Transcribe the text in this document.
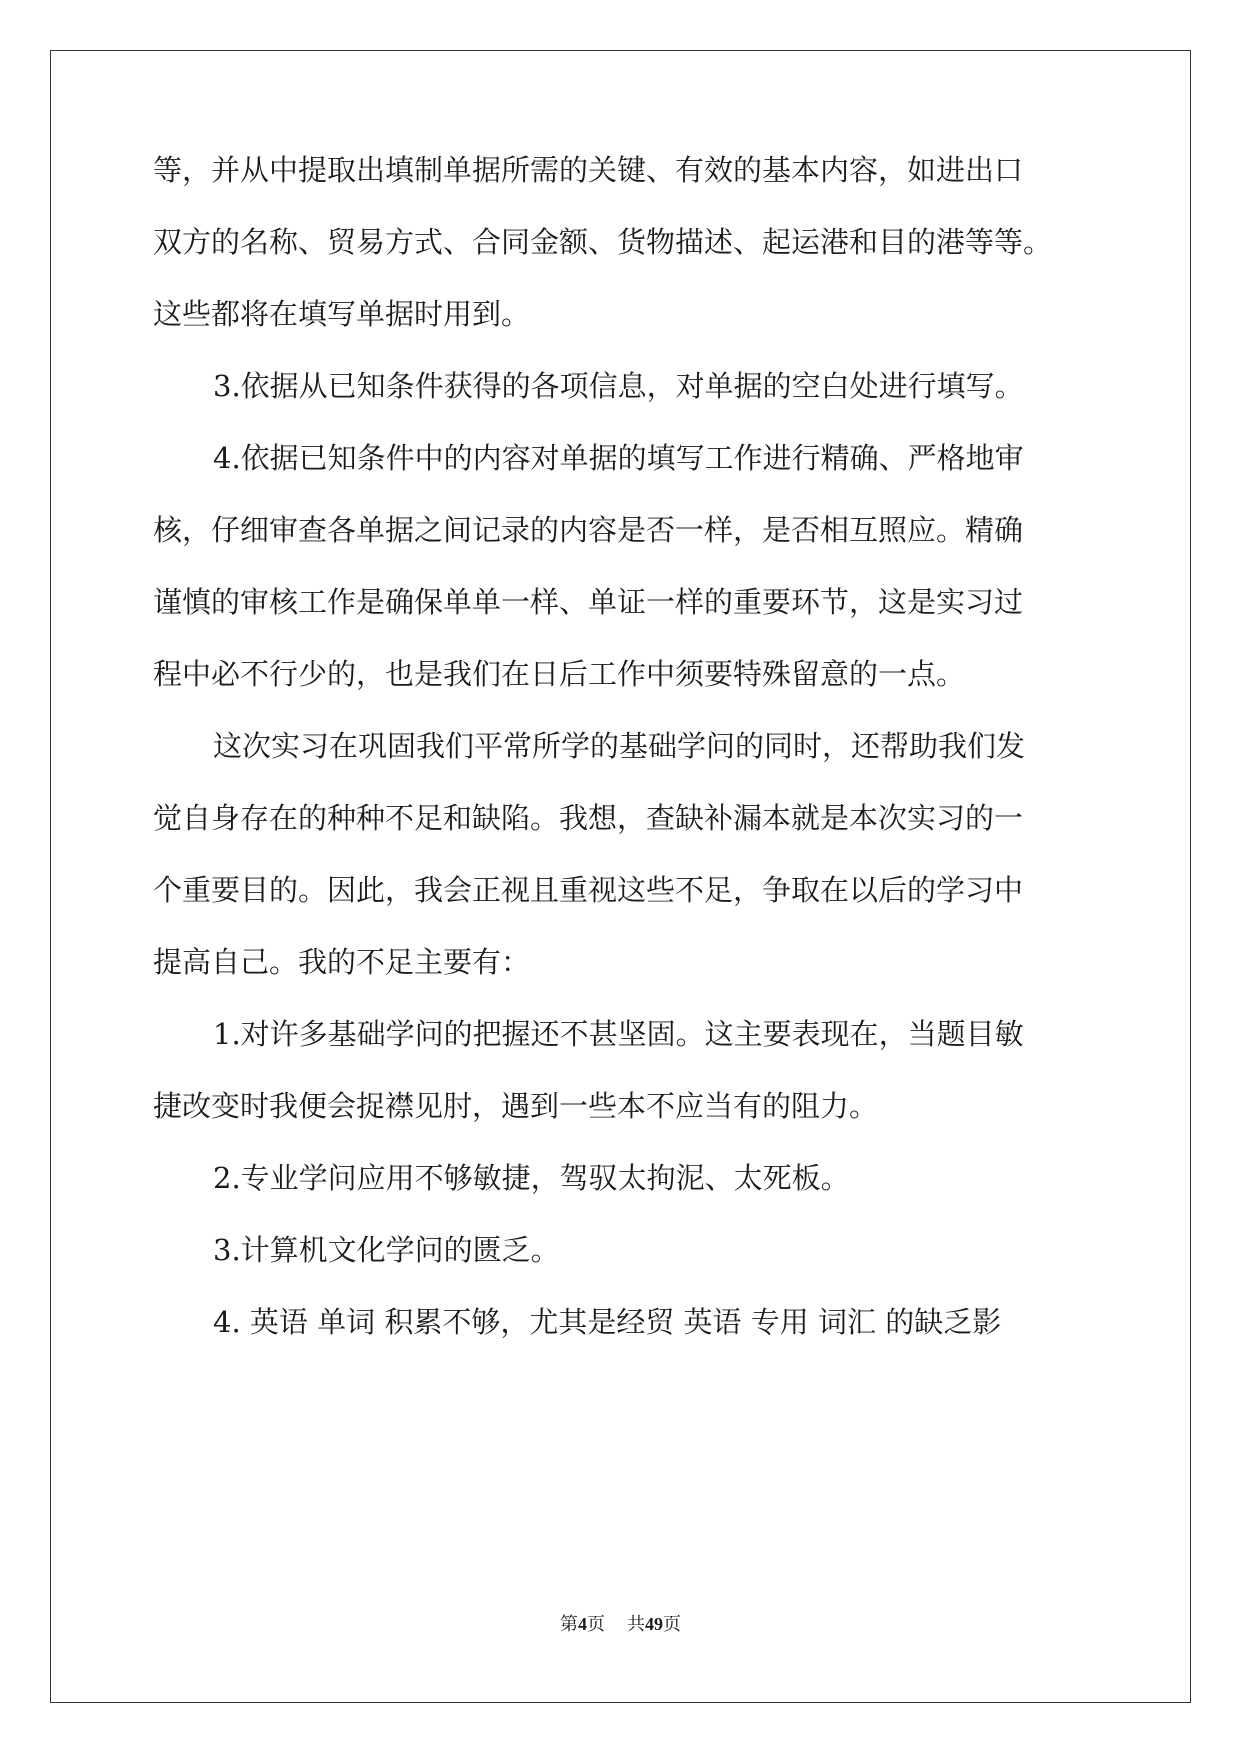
等，并从中提取出填制单据所需的关键、有效的基本内容，如进出口
双方的名称、贸易方式、合同金额、货物描述、起运港和目的港等等。
这些都将在填写单据时用到。
3.依据从已知条件获得的各项信息，对单据的空白处进行填写。
4.依据已知条件中的内容对单据的填写工作进行精确、严格地审
核，仔细审查各单据之间记录的内容是否一样，是否相互照应。精确
谨慎的审核工作是确保单单一样、单证一样的重要环节，这是实习过
程中必不行少的，也是我们在日后工作中须要特殊留意的一点。
这次实习在巩固我们平常所学的基础学问的同时，还帮助我们发
觉自身存在的种种不足和缺陷。我想，查缺补漏本就是本次实习的一
个重要目的。因此，我会正视且重视这些不足，争取在以后的学习中
提高自己。我的不足主要有：
1.对许多基础学问的把握还不甚坚固。这主要表现在，当题目敏
捷改变时我便会捉襟见肘，遇到一些本不应当有的阻力。
2.专业学问应用不够敏捷，驾驭太拘泥、太死板。
3.计算机文化学问的匮乏。
4. 英语 单词 积累不够，尤其是经贸 英语 专用 词汇 的缺乏影
第4页 共49页
